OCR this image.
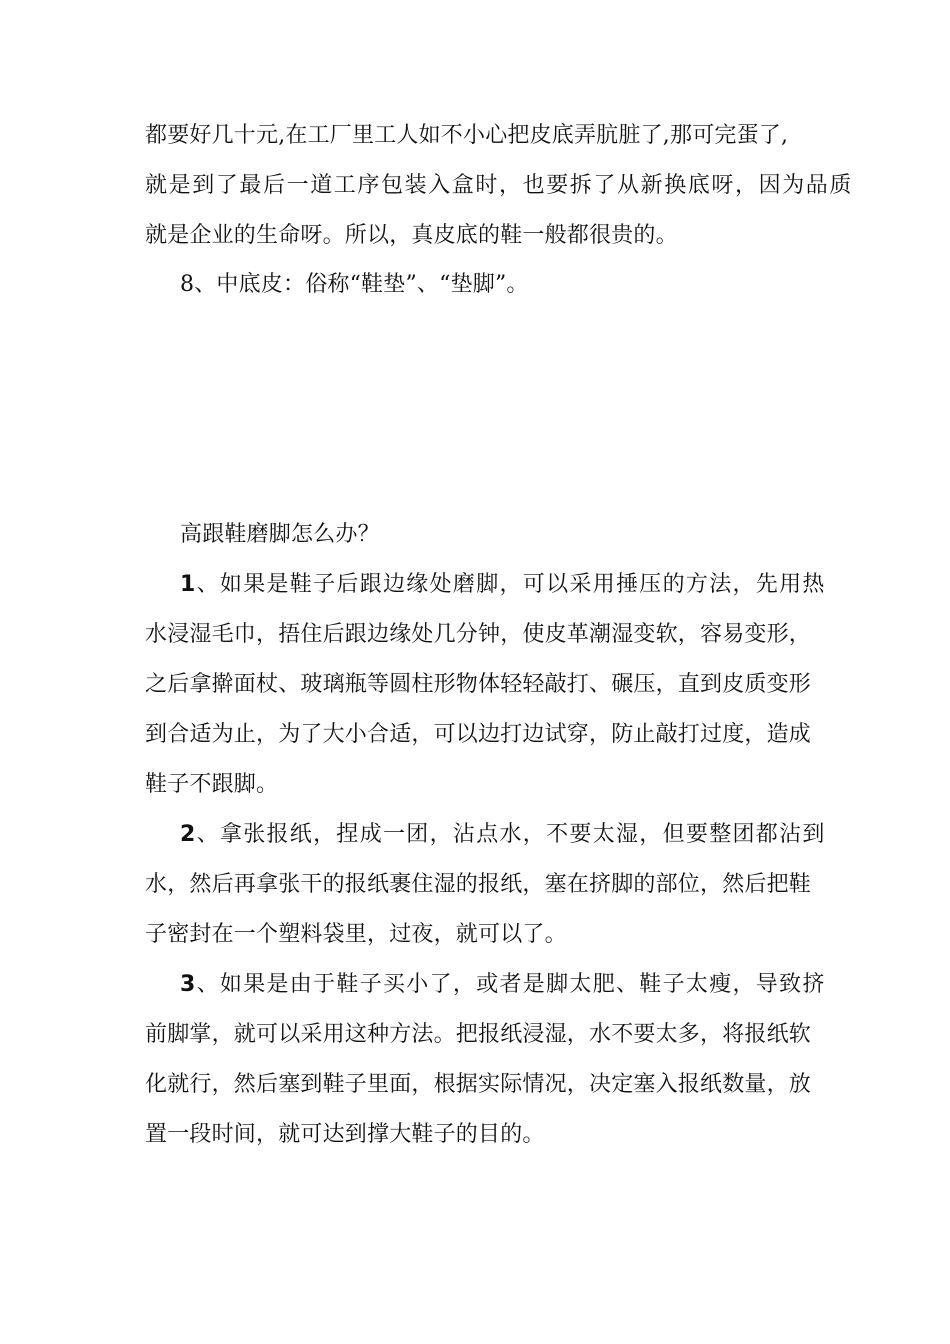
都要好几十元,在工厂里工人如不小心把皮底弄肮脏了,那可完蛋了,
就是到了最后一道工序包装入盒时，也要拆了从新换底呀，因为品质
就是企业的生命呀。所以，真皮底的鞋一般都很贵的。
8、中底皮：俗称“鞋垫”、“垫脚”。
高跟鞋磨脚怎么办？
1、如果是鞋子后跟边缘处磨脚，可以采用捶压的方法，先用热
水浸湿毛巾，捂住后跟边缘处几分钟，使皮革潮湿变软，容易变形，
之后拿擀面杖、玻璃瓶等圆柱形物体轻轻敲打、碾压，直到皮质变形
到合适为止，为了大小合适，可以边打边试穿，防止敲打过度，造成
鞋子不跟脚。
2、拿张报纸，捏成一团，沾点水，不要太湿，但要整团都沾到
水，然后再拿张干的报纸裹住湿的报纸，塞在挤脚的部位，然后把鞋
子密封在一个塑料袋里，过夜，就可以了。
3、如果是由于鞋子买小了，或者是脚太肥、鞋子太瘦，导致挤
前脚掌，就可以采用这种方法。把报纸浸湿，水不要太多，将报纸软
化就行，然后塞到鞋子里面，根据实际情况，决定塞入报纸数量，放
置一段时间，就可达到撑大鞋子的目的。
